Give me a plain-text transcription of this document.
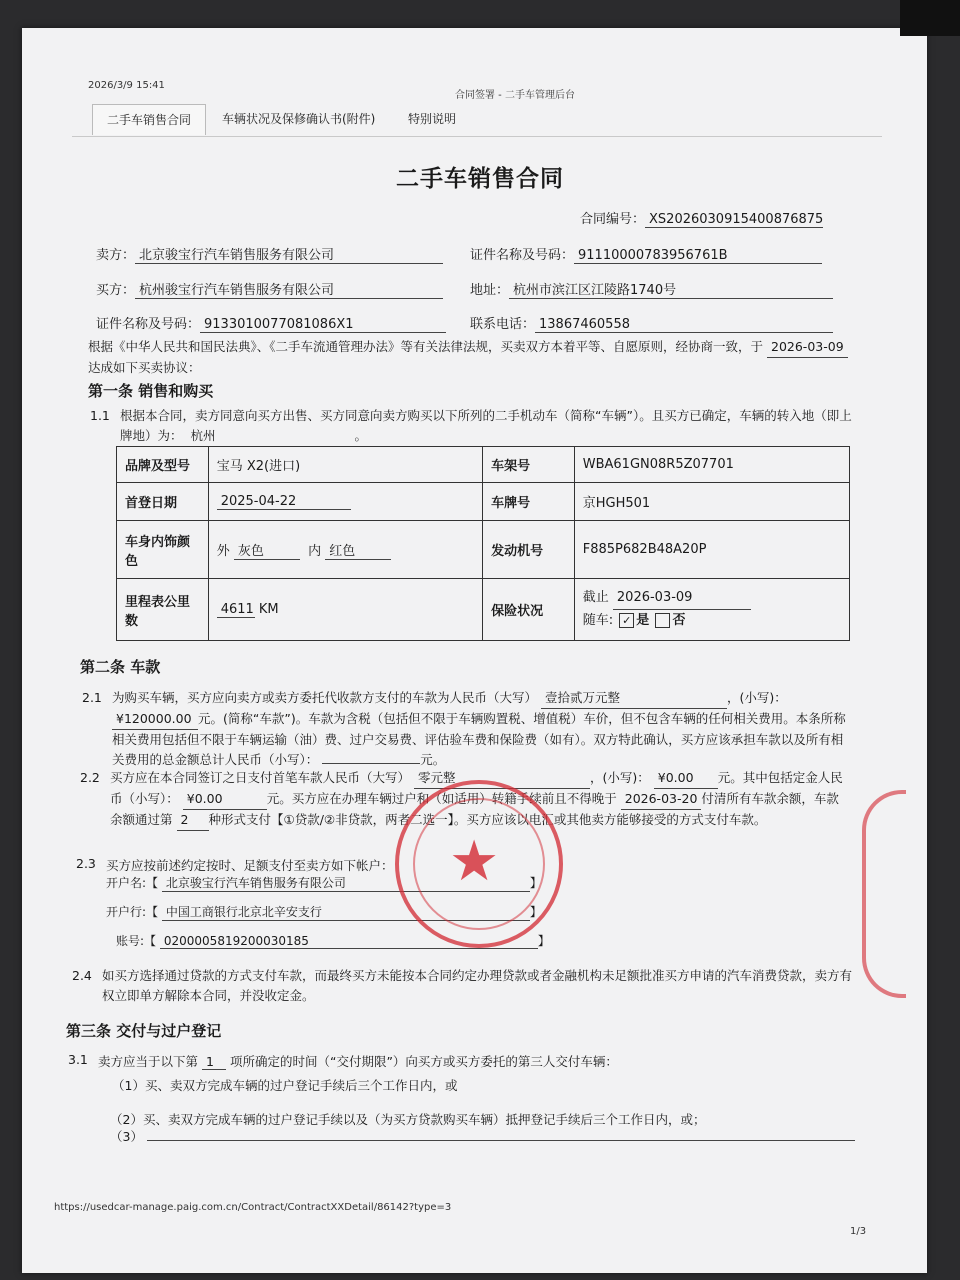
2026/3/9 15:41
合同签署 - 二手车管理后台
二手车销售合同	车辆状况及保修确认书(附件)	特别说明
二手车销售合同
合同编号： XS2026030915400876875
卖方： 北京骏宝行汽车销售服务有限公司	证件名称及号码： 91110000783956761B
买方： 杭州骏宝行汽车销售服务有限公司	地址： 杭州市滨江区江陵路1740号
证件名称及号码： 9133010077081086X1	联系电话： 13867460558
根据《中华人民共和国民法典》、《二手车流通管理办法》等有关法律法规，买卖双方本着平等、自愿原则，经协商一致，于 2026-03-09
达成如下买卖协议：
第一条 销售和购买
1.1 根据本合同，卖方同意向买方出售、买方同意向卖方购买以下所列的二手机动车（简称“车辆”）。且买方已确定，车辆的转入地（即上牌地）为： 杭州	。
品牌及型号	宝马 X2(进口)	车架号	WBA61GN08R5Z07701
首登日期	2025-04-22	车牌号	京HGH501
车身内饰颜色	外 灰色 内 红色	发动机号	F885P682B48A20P
里程表公里数	4611 KM	保险状况	截止 2026-03-09
随车: ✓ 是 否
第二条 车款
2.1 为购买车辆，买方应向卖方或卖方委托代收款方支付的车款为人民币（大写） 壹拾贰万元整	，(小写)： ¥120000.00 元。(简称“车款”)。车款为含税（包括但不限于车辆购置税、增值税）车价，但不包含车辆的任何相关费用。本条所称相关费用包括但不限于车辆运输（油）费、过户交易费、评估验车费和保险费（如有）。双方特此确认，买方应该承担车款以及所有相关费用的总金额总计人民币（小写）：	元。
2.2 买方应在本合同签订之日支付首笔车款人民币（大写） 零元整	，(小写)： ¥0.00 元。其中包括定金人民币（小写）： ¥0.00	元。买方应在办理车辆过户和（如适用）转籍手续前且不得晚于 2026-03-20 付清所有车款余额，车款余额通过第 2 种形式支付【①贷款/②非贷款，两者二选一】。买方应该以电汇或其他卖方能够接受的方式支付车款。
2.3 买方应按前述约定按时、足额支付至卖方如下帐户：
开户名:【 北京骏宝行汽车销售服务有限公司	】
开户行:【 中国工商银行北京北辛安支行	】
账号:【 0200005819200030185	】
2.4 如买方选择通过贷款的方式支付车款，而最终买方未能按本合同约定办理贷款或者金融机构未足额批准买方申请的汽车消费贷款，卖方有权立即单方解除本合同，并没收定金。
★
第三条 交付与过户登记
3.1 卖方应当于以下第 1 项所确定的时间（“交付期限”）向买方或买方委托的第三人交付车辆：
（1）买、卖双方完成车辆的过户登记手续后三个工作日内，或
（2）买、卖双方完成车辆的过户登记手续以及（为买方贷款购买车辆）抵押登记手续后三个工作日内，或；
（3）
https://usedcar-manage.paig.com.cn/Contract/ContractXXDetail/86142?type=3
1/3
